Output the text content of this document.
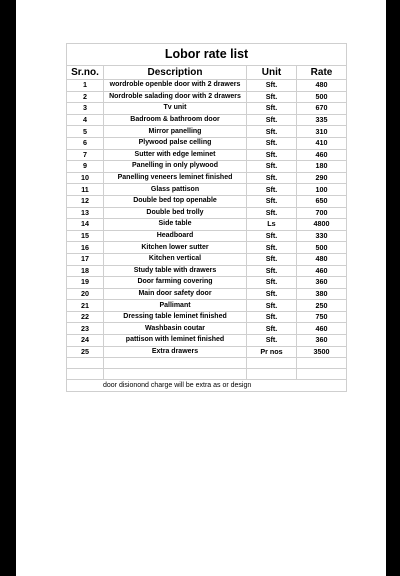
Lobor rate list			
Sr.no.	Description	Unit	Rate
1	wordroble openble door with 2 drawers	Sft.	480
2	Nordroble salading door with 2 drawers	Sft.	500
3	Tv unit	Sft.	670
4	Badroom & bathroom door	Sft.	335
5	Mirror panelling	Sft.	310
6	Plywood palse celling	Sft.	410
7	Sutter with edge leminet	Sft.	460
9	Panelling in only plywood	Sft.	180
10	Panelling veneers leminet finished	Sft.	290
11	Glass pattison	Sft.	100
12	Double bed top openable	Sft.	650
13	Double bed trolly	Sft.	700
14	Side table	Ls	4800
15	Headboard	Sft.	330
16	Kitchen lower sutter	Sft.	500
17	Kitchen vertical	Sft.	480
18	Study table with drawers	Sft.	460
19	Door farming covering	Sft.	360
20	Main door safety door	Sft.	380
21	Pallimant	Sft.	250
22	Dressing table leminet finished	Sft.	750
23	Washbasin coutar	Sft.	460
24	pattison with leminet finished	Sft.	360
25	Extra drawers	Pr nos	3500

door disionond charge will be extra as or design			
